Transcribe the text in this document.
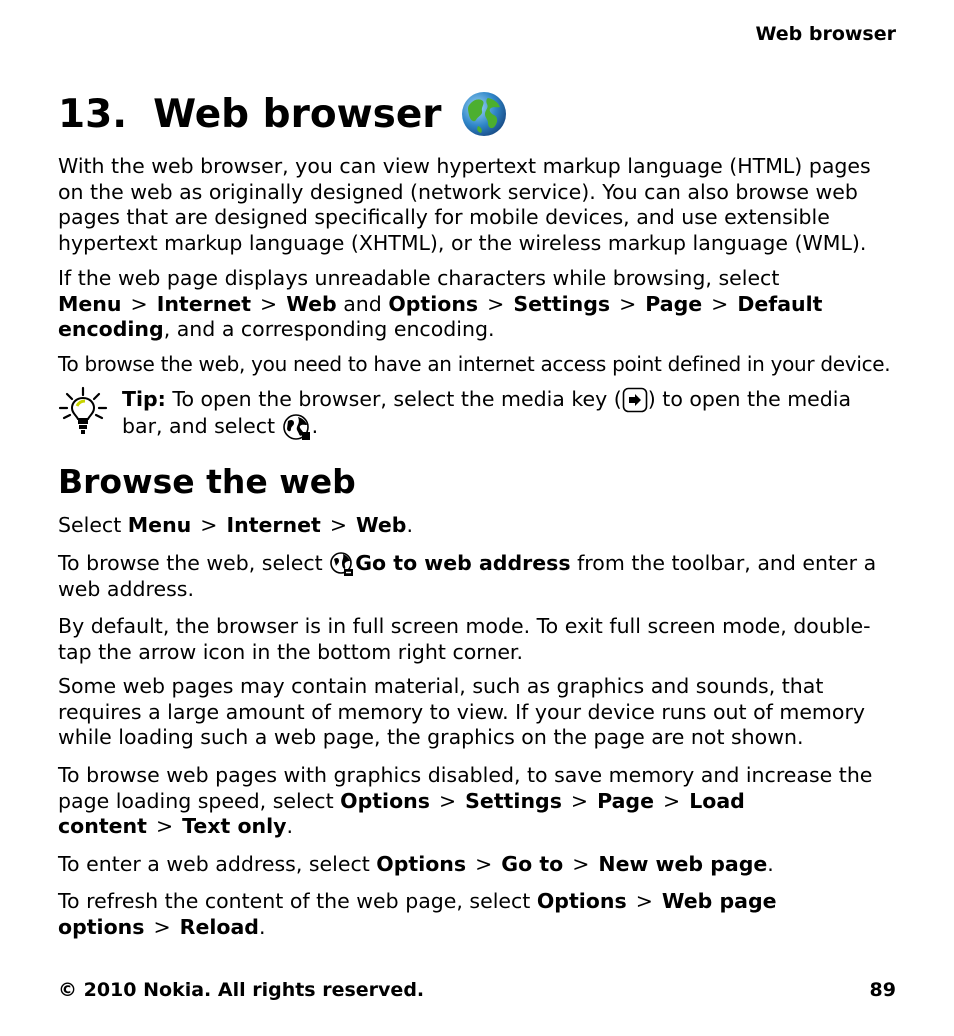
Web browser
13. Web browser

With the web browser, you can view hypertext markup language (HTML) pages on the web as originally designed (network service). You can also browse web pages that are designed specifically for mobile devices, and use extensible hypertext markup language (XHTML), or the wireless markup language (WML).

If the web page displays unreadable characters while browsing, select Menu > Internet > Web and Options > Settings > Page > Default encoding, and a corresponding encoding.

To browse the web, you need to have an internet access point defined in your device.

Tip: To open the browser, select the media key ( ) to open the media bar, and select .

Browse the web

Select Menu > Internet > Web.

To browse the web, select Go to web address from the toolbar, and enter a web address.

By default, the browser is in full screen mode. To exit full screen mode, double-tap the arrow icon in the bottom right corner.

Some web pages may contain material, such as graphics and sounds, that requires a large amount of memory to view. If your device runs out of memory while loading such a web page, the graphics on the page are not shown.

To browse web pages with graphics disabled, to save memory and increase the page loading speed, select Options > Settings > Page > Load content > Text only.

To enter a web address, select Options > Go to > New web page.

To refresh the content of the web page, select Options > Web page options > Reload.

© 2010 Nokia. All rights reserved.	89
